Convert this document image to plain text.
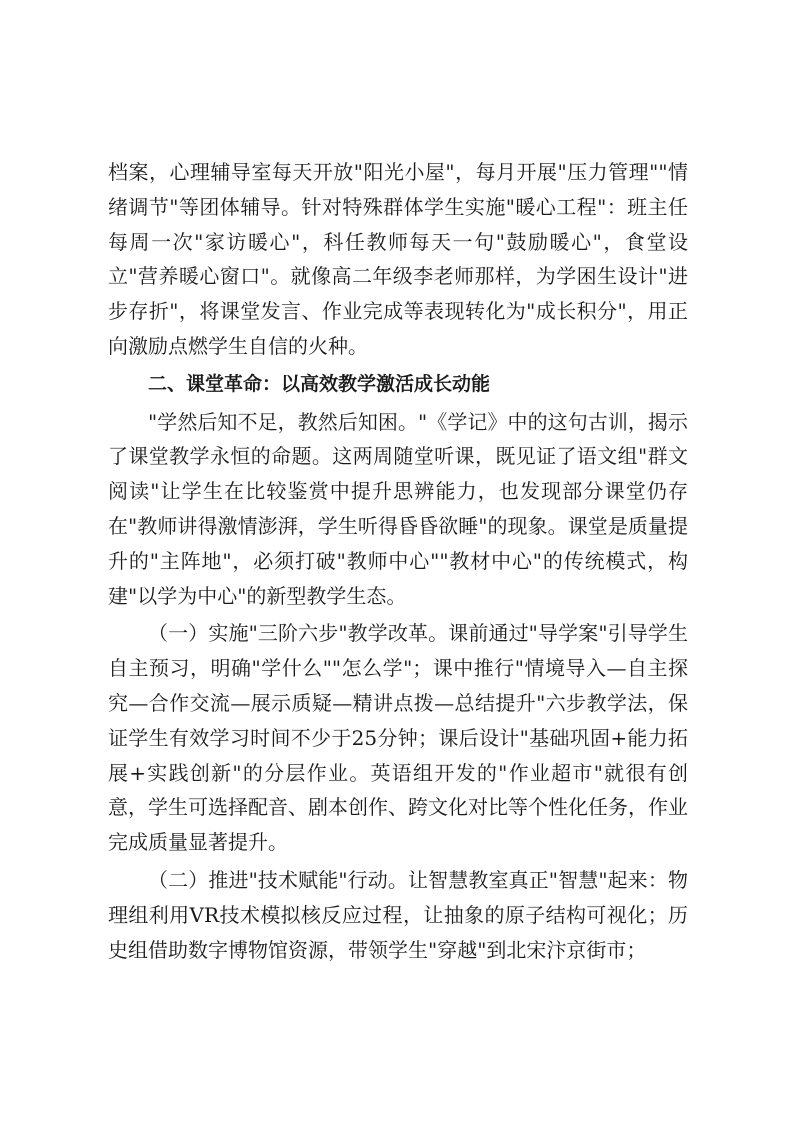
档案，心理辅导室每天开放"阳光小屋"，每月开展"压力管理""情绪调节"等团体辅导。针对特殊群体学生实施"暖心工程"：班主任每周一次"家访暖心"，科任教师每天一句"鼓励暖心"，食堂设立"营养暖心窗口"。就像高二年级李老师那样，为学困生设计"进步存折"，将课堂发言、作业完成等表现转化为"成长积分"，用正向激励点燃学生自信的火种。

二、课堂革命：以高效教学激活成长动能

"学然后知不足，教然后知困。"《学记》中的这句古训，揭示了课堂教学永恒的命题。这两周随堂听课，既见证了语文组"群文阅读"让学生在比较鉴赏中提升思辨能力，也发现部分课堂仍存在"教师讲得激情澎湃，学生听得昏昏欲睡"的现象。课堂是质量提升的"主阵地"，必须打破"教师中心""教材中心"的传统模式，构建"以学为中心"的新型教学生态。

（一）实施"三阶六步"教学改革。课前通过"导学案"引导学生自主预习，明确"学什么""怎么学"；课中推行"情境导入—自主探究—合作交流—展示质疑—精讲点拨—总结提升"六步教学法，保证学生有效学习时间不少于25分钟；课后设计"基础巩固+能力拓展+实践创新"的分层作业。英语组开发的"作业超市"就很有创意，学生可选择配音、剧本创作、跨文化对比等个性化任务，作业完成质量显著提升。

（二）推进"技术赋能"行动。让智慧教室真正"智慧"起来：物理组利用VR技术模拟核反应过程，让抽象的原子结构可视化；历史组借助数字博物馆资源，带领学生"穿越"到北宋汴京街市；
